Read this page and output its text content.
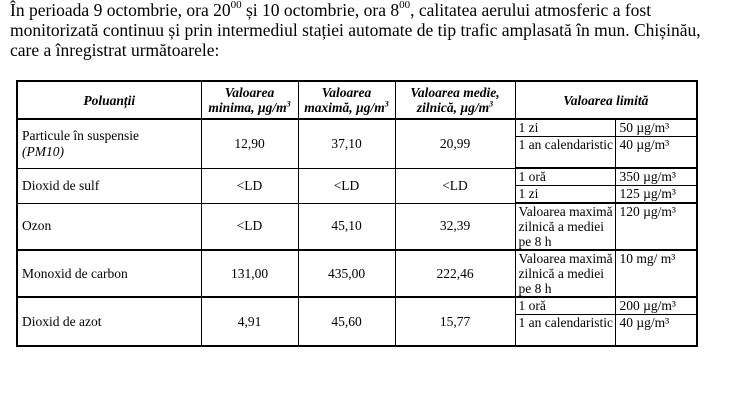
În perioada 9 octombrie, ora $20^{00}$ și 10 octombrie, ora $8^{00}$, calitatea aerului atmosferic a fost monitorizată continuu și prin intermediul stației automate de tip trafic amplasată în mun. Chișinău, care a înregistrat următoarele:

Poluanții	Valoarea minima, $\mu g/m^3$	Valoarea maximă, $\mu g/m^3$	Valoarea medie, zilnică, $\mu g/m^3$	Valoarea limită	
Particule în suspensie
(PM10)	12,90	37,10	20,99	1 zi	50 µg/m³
				1 an calendaristic	40 µg/m³
Dioxid de sulf	<LD	<LD	<LD	1 oră	350 µg/m³
				1 zi	125 µg/m³
Ozon	<LD	45,10	32,39	Valoarea maximă zilnică a mediei pe 8 h	120 µg/m³
Monoxid de carbon	131,00	435,00	222,46	Valoarea maximă zilnică a mediei pe 8 h	10 mg/ m³
Dioxid de azot	4,91	45,60	15,77	1 oră	200 µg/m³
				1 an calendaristic	40 µg/m³
